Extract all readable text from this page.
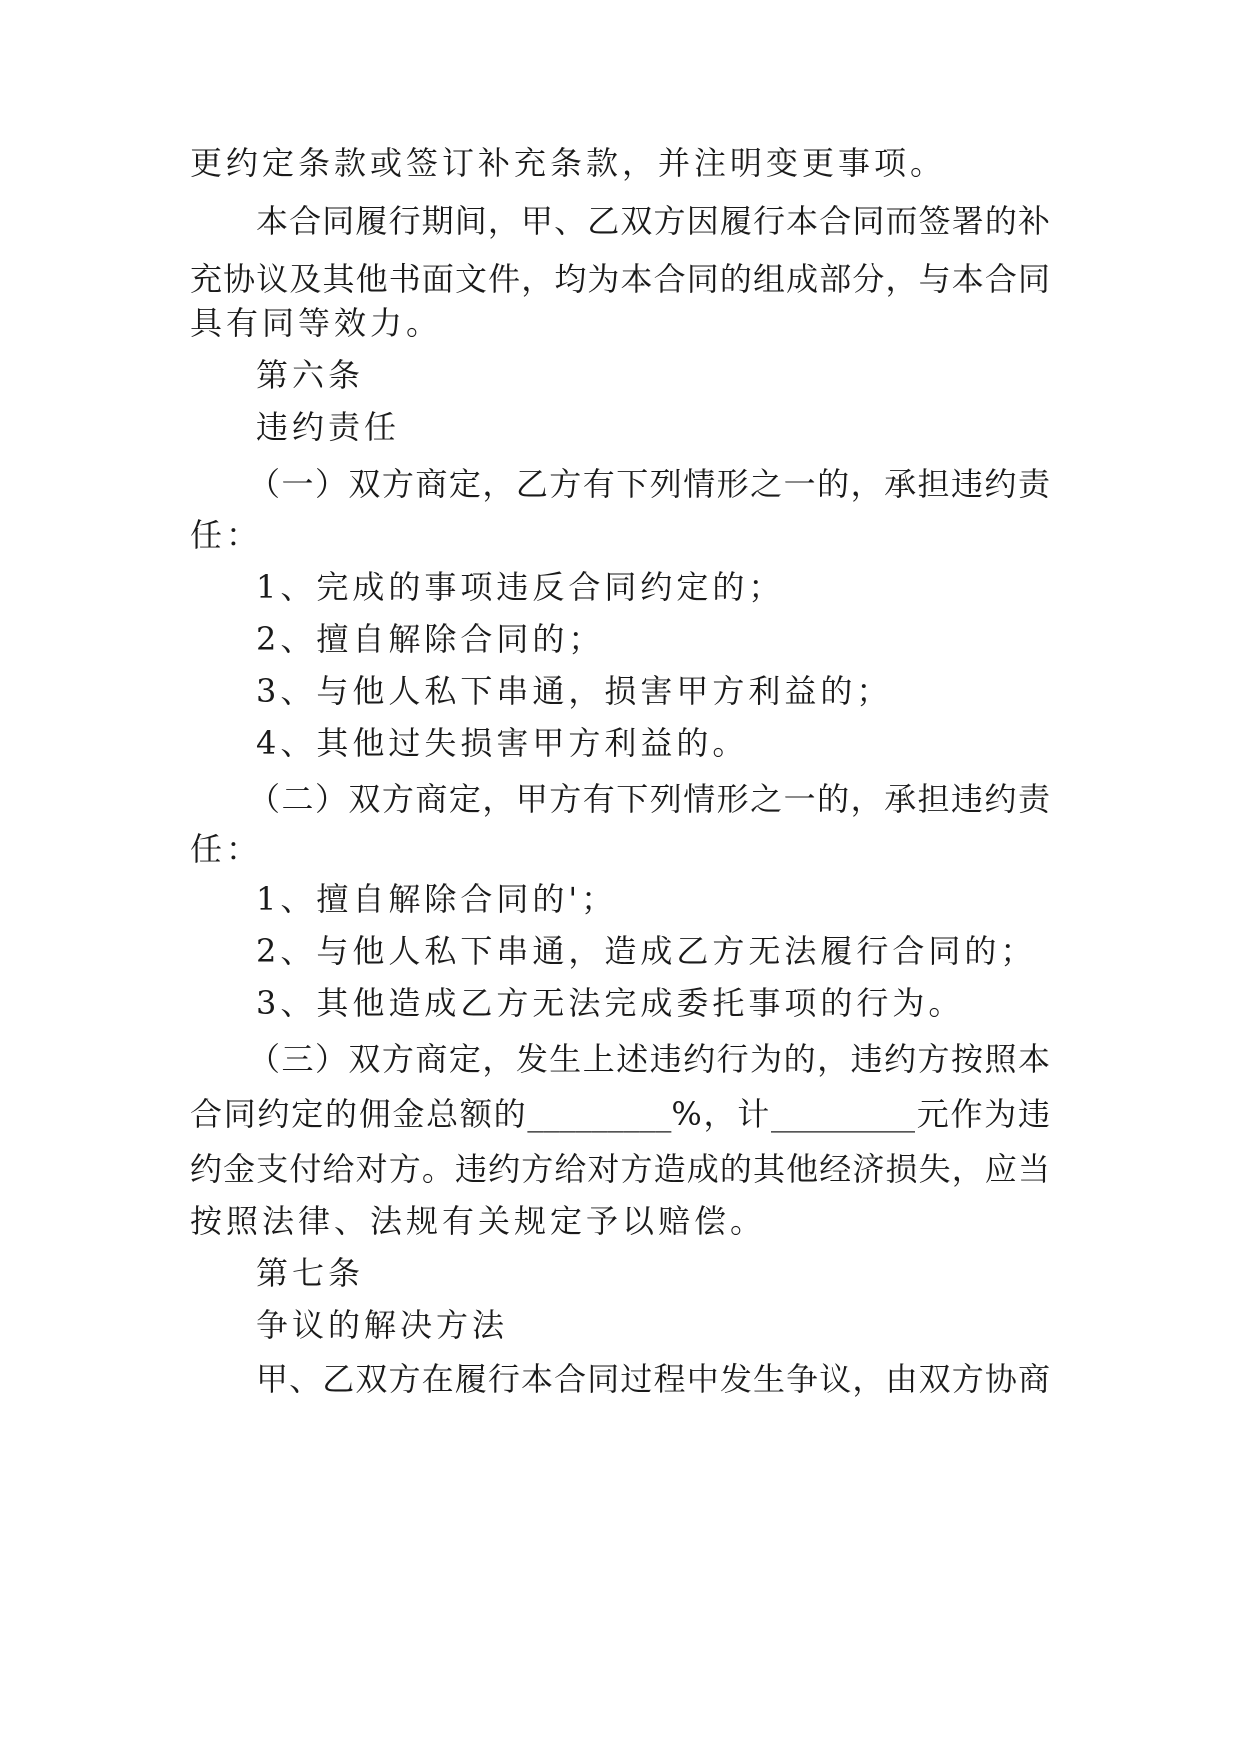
更约定条款或签订补充条款，并注明变更事项。
本合同履行期间，甲、乙双方因履行本合同而签署的补
充协议及其他书面文件，均为本合同的组成部分，与本合同
具有同等效力。
第六条
违约责任
（一）双方商定，乙方有下列情形之一的，承担违约责
任：
1、完成的事项违反合同约定的；
2、擅自解除合同的；
3、与他人私下串通，损害甲方利益的；
4、其他过失损害甲方利益的。
（二）双方商定，甲方有下列情形之一的，承担违约责
任：
1、擅自解除合同的'；
2、与他人私下串通，造成乙方无法履行合同的；
3、其他造成乙方无法完成委托事项的行为。
（三）双方商定，发生上述违约行为的，违约方按照本
合同约定的佣金总额的_________%，计_________元作为违
约金支付给对方。违约方给对方造成的其他经济损失，应当
按照法律、法规有关规定予以赔偿。
第七条
争议的解决方法
甲、乙双方在履行本合同过程中发生争议，由双方协商
